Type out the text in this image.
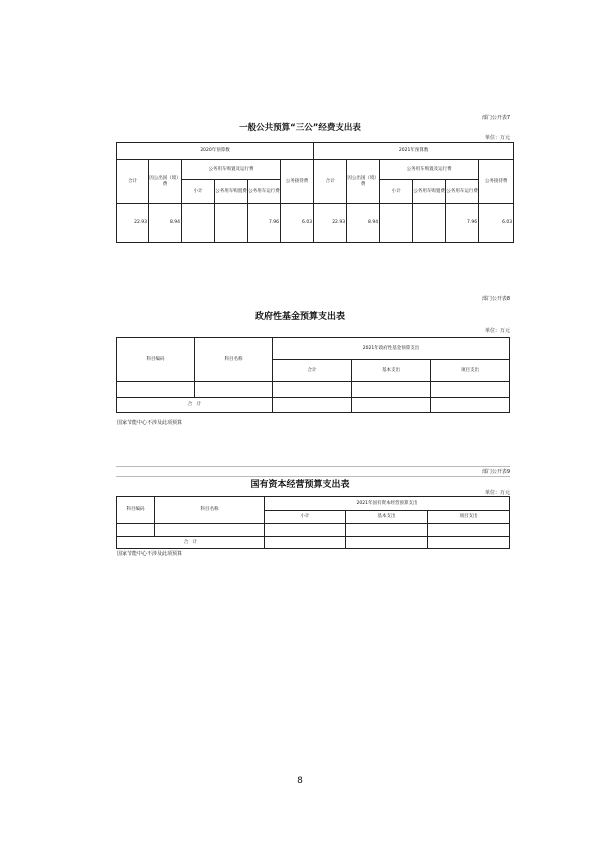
部门公开表7
一般公共预算“三公”经费支出表
单位：万元
2020年预算数						2021年预算数					
合计	因公出国（境）费	公务用车购置及运行费			公务接待费	合计	因公出国（境）费	公务用车购置及运行费			公务接待费
		小计	公务用车购置费	公务用车运行费				小计	公务用车购置费	公务用车运行费	
22.93	8.94			7.96	6.03	22.93	8.94			7.96	6.03
部门公开表8
政府性基金预算支出表
单位：万元
科目编码	科目名称	2021年政府性基金预算支出		
		合计	基本支出	项目支出

合　计				
国家节能中心不涉及此项预算
部门公开表9
国有资本经营预算支出表
单位：万元
科目编码	科目名称	2021年国有资本经营预算支出		
		小计	基本支出	项目支出

合　计				
国家节能中心不涉及此项预算
8
